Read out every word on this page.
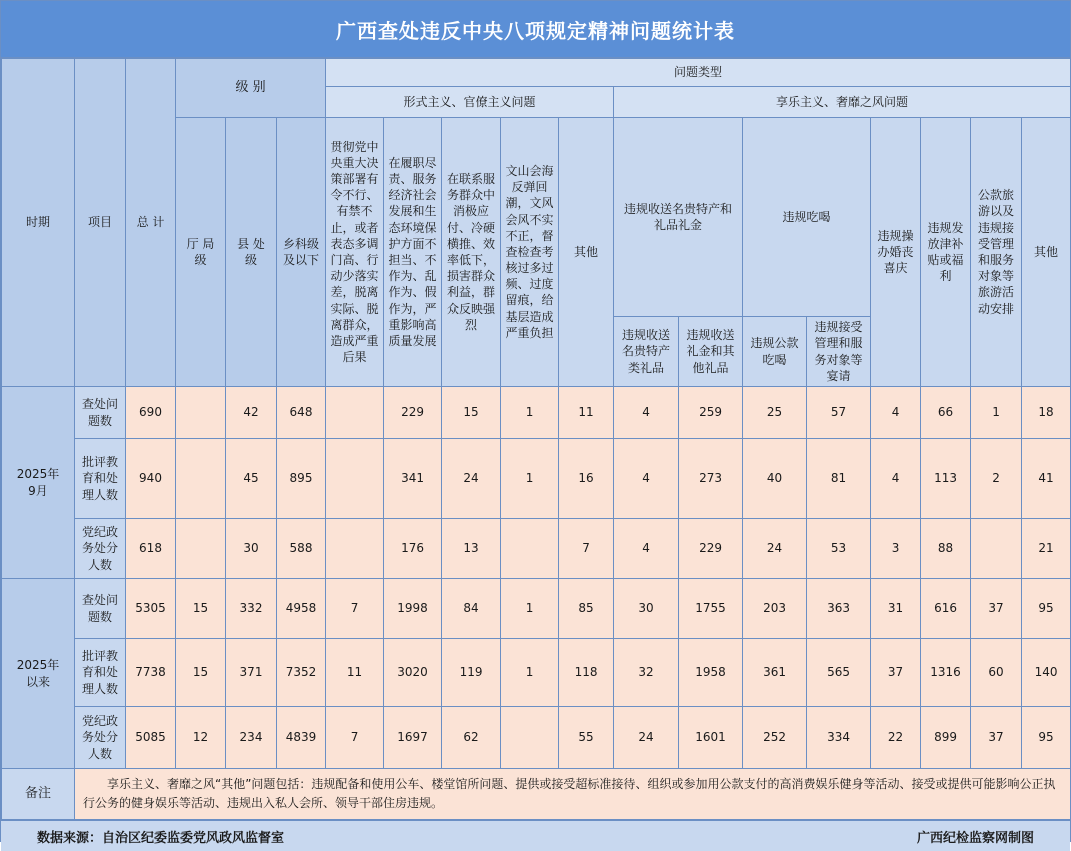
广西查处违反中央八项规定精神问题统计表
时期	项目	总 计	级 别			问题类型												
						形式主义、官僚主义问题					享乐主义、奢靡之风问题							
			厅 局 级	县 处 级	乡科级及以下	贯彻党中央重大决策部署有令不行、有禁不止，或者表态多调门高、行动少落实差，脱离实际、脱离群众，造成严重后果	在履职尽责、服务经济社会发展和生态环境保护方面不担当、不作为、乱作为、假作为，严重影响高质量发展	在联系服务群众中消极应付、冷硬横推、效率低下，损害群众利益，群众反映强烈	文山会海反弹回潮，文风会风不实不正，督查检查考核过多过频、过度留痕，给基层造成严重负担	其他	违规收送名贵特产和礼品礼金		违规吃喝		违规操办婚丧喜庆	违规发放津补贴或福利	公款旅游以及违规接受管理和服务对象等旅游活动安排	其他
											违规收送名贵特产类礼品	违规收送礼金和其他礼品	违规公款吃喝	违规接受管理和服务对象等宴请				
2025年9月	查处问题数	690		42	648		229	15	1	11	4	259	25	57	4	66	1	18
	批评教育和处理人数	940		45	895		341	24	1	16	4	273	40	81	4	113	2	41
	党纪政务处分人数	618		30	588		176	13		7	4	229	24	53	3	88		21
2025年以来	查处问题数	5305	15	332	4958	7	1998	84	1	85	30	1755	203	363	31	616	37	95
	批评教育和处理人数	7738	15	371	7352	11	3020	119	1	118	32	1958	361	565	37	1316	60	140
	党纪政务处分人数	5085	12	234	4839	7	1697	62		55	24	1601	252	334	22	899	37	95
备注	享乐主义、奢靡之风“其他”问题包括：违规配备和使用公车、楼堂馆所问题、提供或接受超标准接待、组织或参加用公款支付的高消费娱乐健身等活动、接受或提供可能影响公正执行公务的健身娱乐等活动、违规出入私人会所、领导干部住房违规。																	
数据来源：自治区纪委监委党风政风监督室	广西纪检监察网制图
